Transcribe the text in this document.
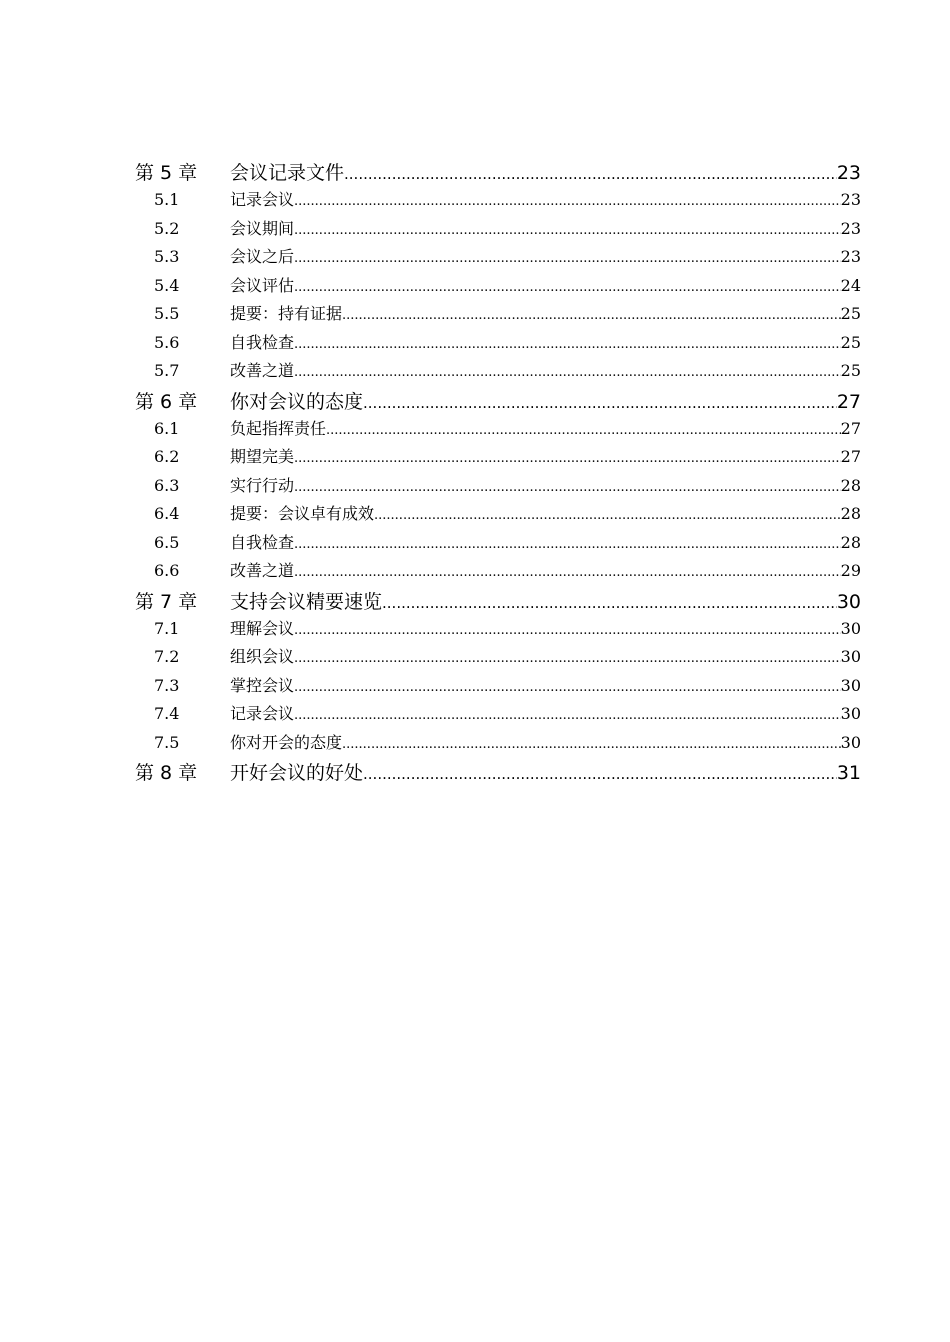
第 5 章	会议记录文件 .....	23
5.1	记录会议 .....	23
5.2	会议期间 .....	23
5.3	会议之后 .....	23
5.4	会议评估 .....	24
5.5	提要：持有证据 .....	25
5.6	自我检查 .....	25
5.7	改善之道 .....	25
第 6 章	你对会议的态度 .....	27
6.1	负起指挥责任 .....	27
6.2	期望完美 .....	27
6.3	实行行动 .....	28
6.4	提要：会议卓有成效 .....	28
6.5	自我检查 .....	28
6.6	改善之道 .....	29
第 7 章	支持会议精要速览 .....	30
7.1	理解会议 .....	30
7.2	组织会议 .....	30
7.3	掌控会议 .....	30
7.4	记录会议 .....	30
7.5	你对开会的态度 .....	30
第 8 章	开好会议的好处 .....	31
